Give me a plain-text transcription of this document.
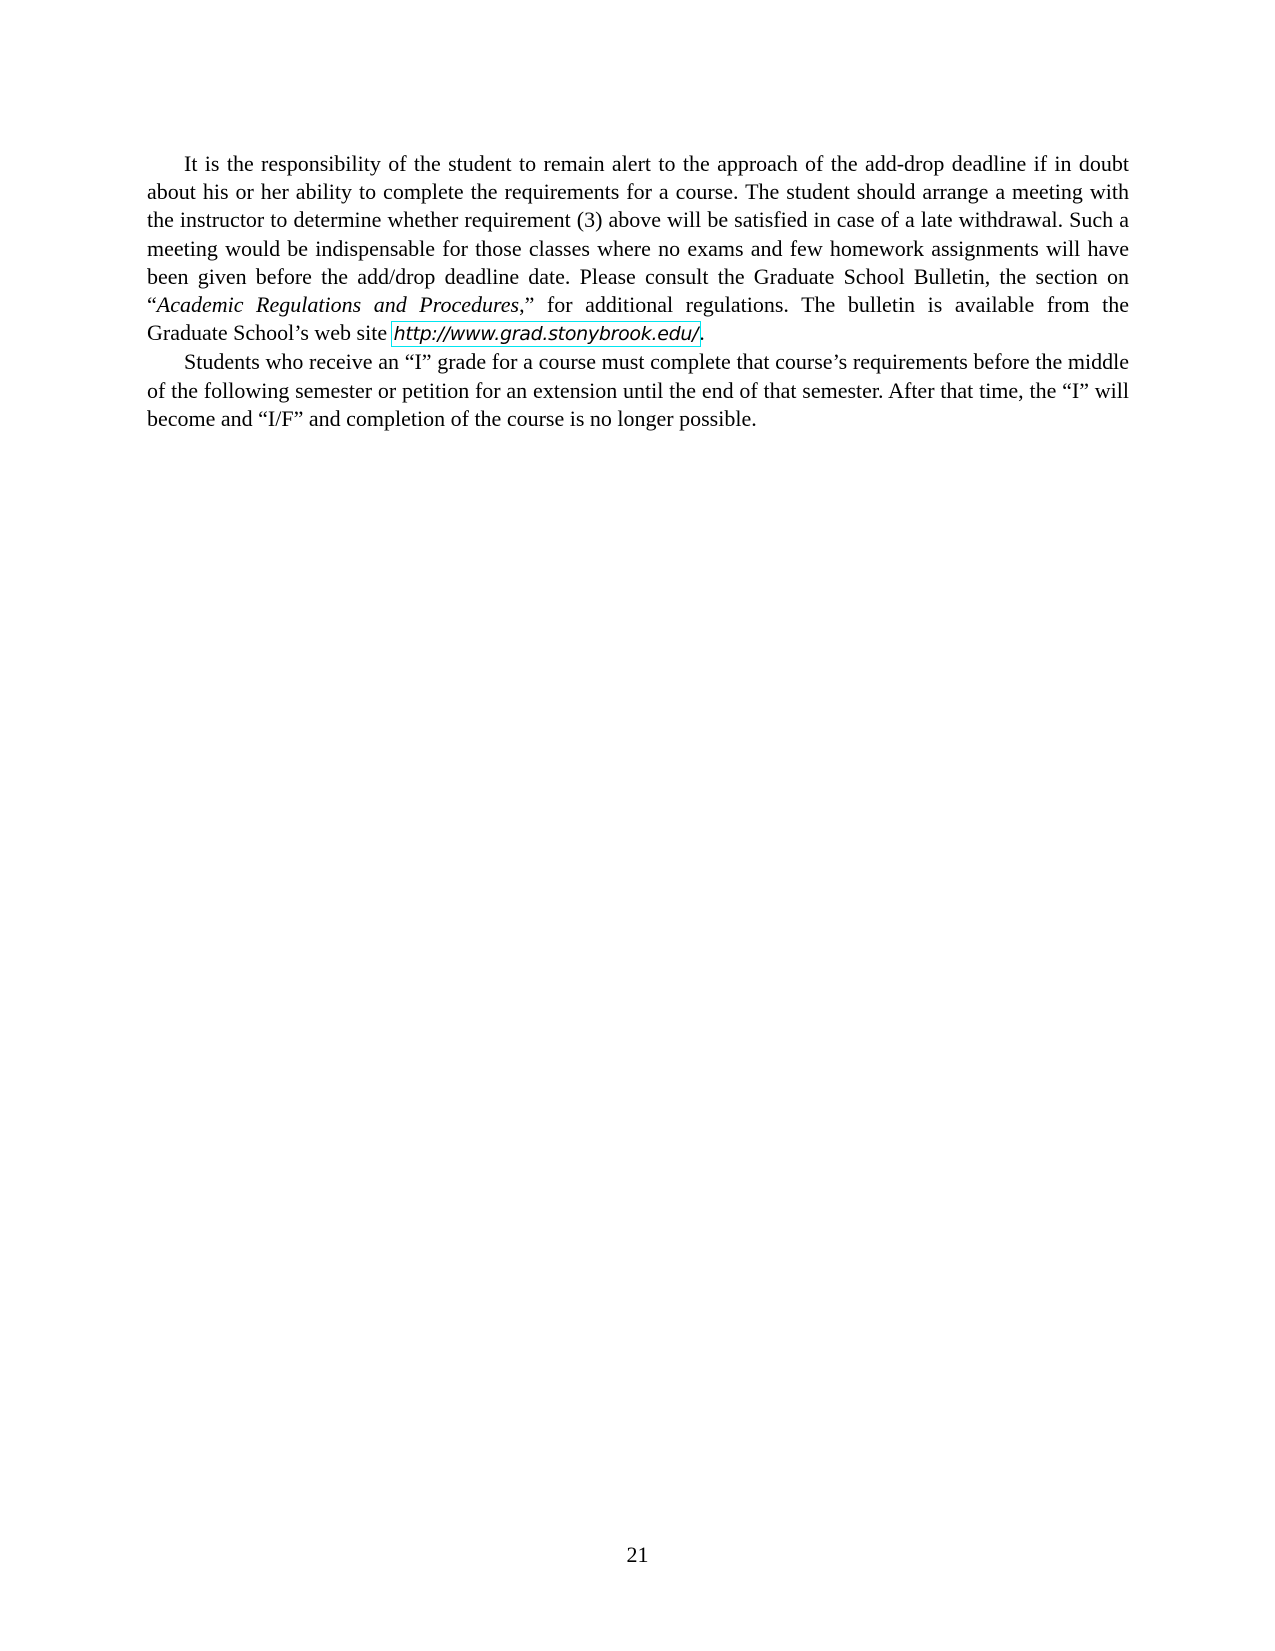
It is the responsibility of the student to remain alert to the approach of the add-drop deadline if in doubt about his or her ability to complete the requirements for a course. The student should arrange a meeting with the instructor to determine whether requirement (3) above will be satisfied in case of a late withdrawal. Such a meeting would be indispensable for those classes where no exams and few homework assignments will have been given before the add/drop deadline date. Please consult the Graduate School Bulletin, the section on “Academic Regulations and Procedures,” for additional regulations. The bulletin is available from the Graduate School’s web site http://www.grad.stonybrook.edu/.

Students who receive an “I” grade for a course must complete that course’s requirements before the middle of the following semester or petition for an extension until the end of that semester. After that time, the “I” will become and “I/F” and completion of the course is no longer possible.

21
